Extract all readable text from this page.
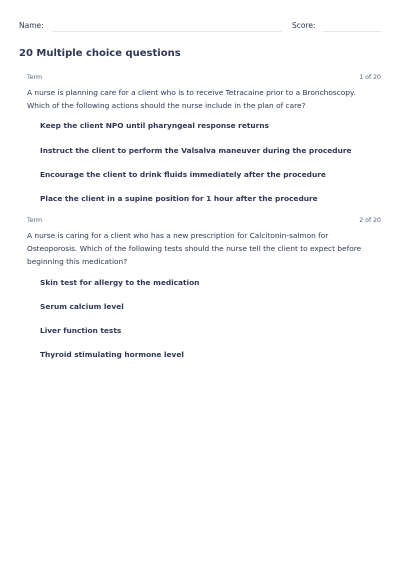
Name:	Score:
20 Multiple choice questions
Term	1 of 20

A nurse is planning care for a client who is to receive Tetracaine prior to a Bronchoscopy. Which of the following actions should the nurse include in the plan of care?

Keep the client NPO until pharyngeal response returns
Instruct the client to perform the Valsalva maneuver during the procedure
Encourage the client to drink fluids immediately after the procedure
Place the client in a supine position for 1 hour after the procedure
Term	2 of 20

A nurse is caring for a client who has a new prescription for Calcitonin-salmon for Osteoporosis. Which of the following tests should the nurse tell the client to expect before beginning this medication?

Skin test for allergy to the medication
Serum calcium level
Liver function tests
Thyroid stimulating hormone level
